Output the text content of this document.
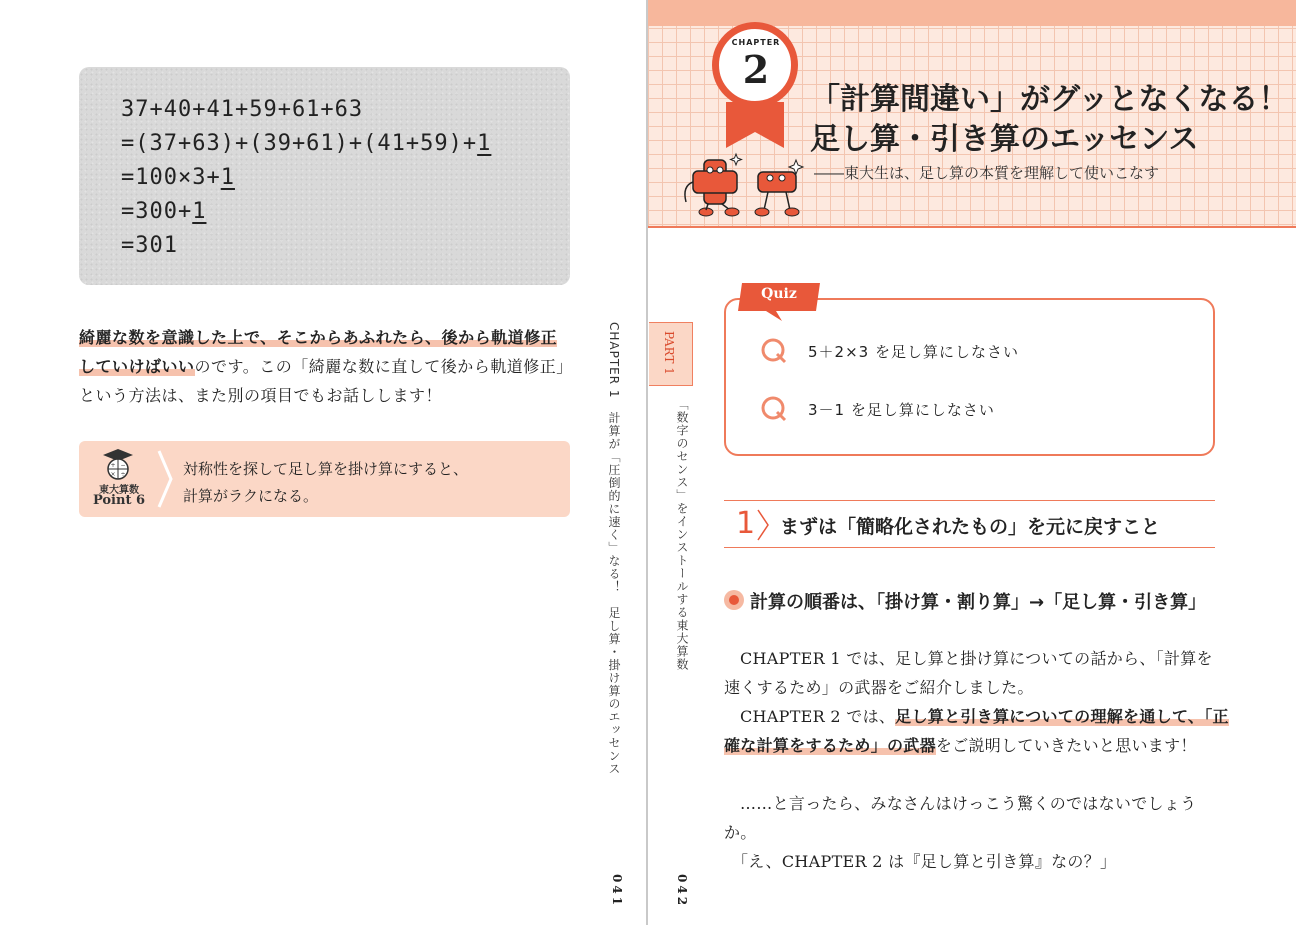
37+40+41+59+61+63
=(37+63)+(39+61)+(41+59)+1
=100×3+1
=300+1
=301
綺麗な数を意識した上で、そこからあふれたら、後から軌道修正
していけばいいのです。この「綺麗な数に直して後から軌道修正」
という方法は、また別の項目でもお話しします！
+ −
× ÷
東大算数
Point 6
対称性を探して足し算を掛け算にすると、
計算がラクになる。	CHAPTER 1　計算が「圧倒的に速く」なる！　足し算・掛け算のエッセンス
041
CHAPTER
2
「計算間違い」がグッとなくなる！
足し算・引き算のエッセンス
――東大生は、足し算の本質を理解して使いこなす
PART 1
「数字のセンス」をインストールする東大算数
042
Quiz
5＋2×3 を足し算にしなさい
3－1 を足し算にしなさい
1 まずは「簡略化されたもの」を元に戻すこと
計算の順番は、「掛け算・割り算」→「足し算・引き算」
CHAPTER 1 では、足し算と掛け算についての話から、「計算を
速くするため」の武器をご紹介しました。
CHAPTER 2 では、足し算と引き算についての理解を通して、「正
確な計算をするため」の武器をご説明していきたいと思います！
……と言ったら、みなさんはけっこう驚くのではないでしょう
か。
「え、CHAPTER 2 は『足し算と引き算』なの？」
